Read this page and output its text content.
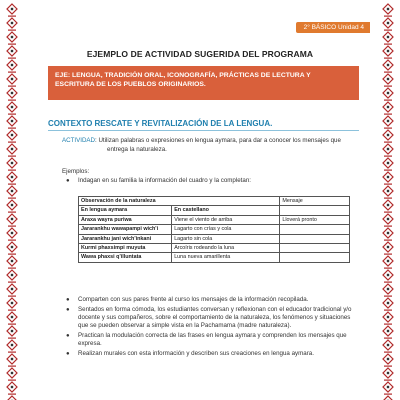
2° BÁSICO Unidad 4
EJEMPLO DE ACTIVIDAD SUGERIDA DEL PROGRAMA
EJE: LENGUA, TRADICIÓN ORAL, ICONOGRAFÍA, PRÁCTICAS DE LECTURA Y ESCRITURA DE LOS PUEBLOS ORIGINARIOS.
CONTEXTO RESCATE Y REVITALIZACIÓN DE LA LENGUA.
ACTIVIDAD: Utilizan palabras o expresiones en lengua aymara, para dar a conocer los mensajes que
entrega la naturaleza.
Ejemplos:
● Indagan en su familia la información del cuadro y la completan:
Observación de la naturaleza		Mensaje
En lengua aymara	En castellano	
Araxa wayra puriwa	Viene el viento de arriba	Lloverá pronto
Jararankhu wawapampi wich'i	Lagarto con crías y cola	
Jararankhu jani wich'inkani	Lagarto sin cola	
Kurmi phaxsimpi muyuta	Arcoíris rodeando la luna	
Wawa phaxsi q'illuntata	Luna nueva amarillenta	
● Comparten con sus pares frente al curso los mensajes de la información recopilada.
● Sentados en forma cómoda, los estudiantes conversan y reflexionan con el educador tradicional y/o docente y sus compañeros, sobre el comportamiento de la naturaleza, los fenómenos y situaciones que se pueden observar a simple vista en la Pachamama (madre naturaleza).
● Practican la modulación correcta de las frases en lengua aymara y comprenden los mensajes que expresa.
● Realizan murales con esta información y describen sus creaciones en lengua aymara.
